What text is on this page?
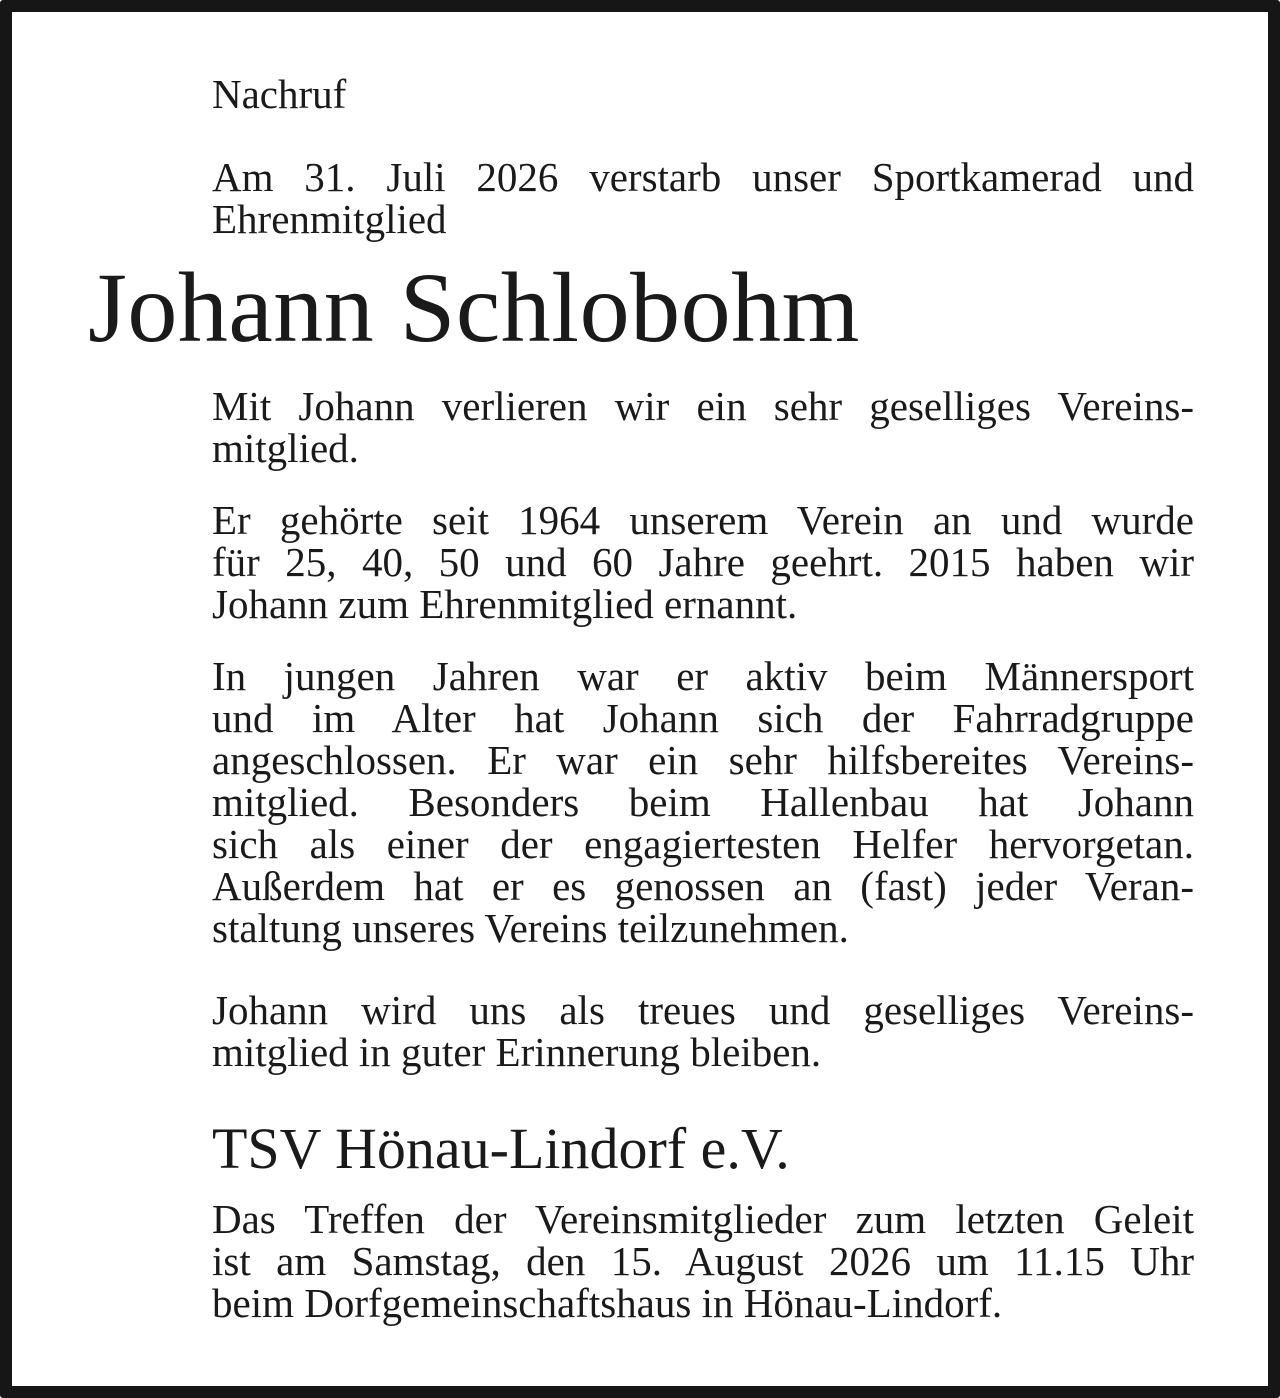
Nachruf

Am 31. Juli 2026 verstarb unser Sportkamerad und
Ehrenmitglied

Johann Schlobohm

Mit Johann verlieren wir ein sehr geselliges Vereins-
mitglied.

Er gehörte seit 1964 unserem Verein an und wurde
für 25, 40, 50 und 60 Jahre geehrt. 2015 haben wir
Johann zum Ehrenmitglied ernannt.

In jungen Jahren war er aktiv beim Männersport
und im Alter hat Johann sich der Fahrradgruppe
angeschlossen. Er war ein sehr hilfsbereites Vereins-
mitglied. Besonders beim Hallenbau hat Johann
sich als einer der engagiertesten Helfer hervorgetan.
Außerdem hat er es genossen an (fast) jeder Veran-
staltung unseres Vereins teilzunehmen.

Johann wird uns als treues und geselliges Vereins-
mitglied in guter Erinnerung bleiben.

TSV Hönau-Lindorf e.V.

Das Treffen der Vereinsmitglieder zum letzten Geleit
ist am Samstag, den 15. August 2026 um 11.15 Uhr
beim Dorfgemeinschaftshaus in Hönau-Lindorf.
